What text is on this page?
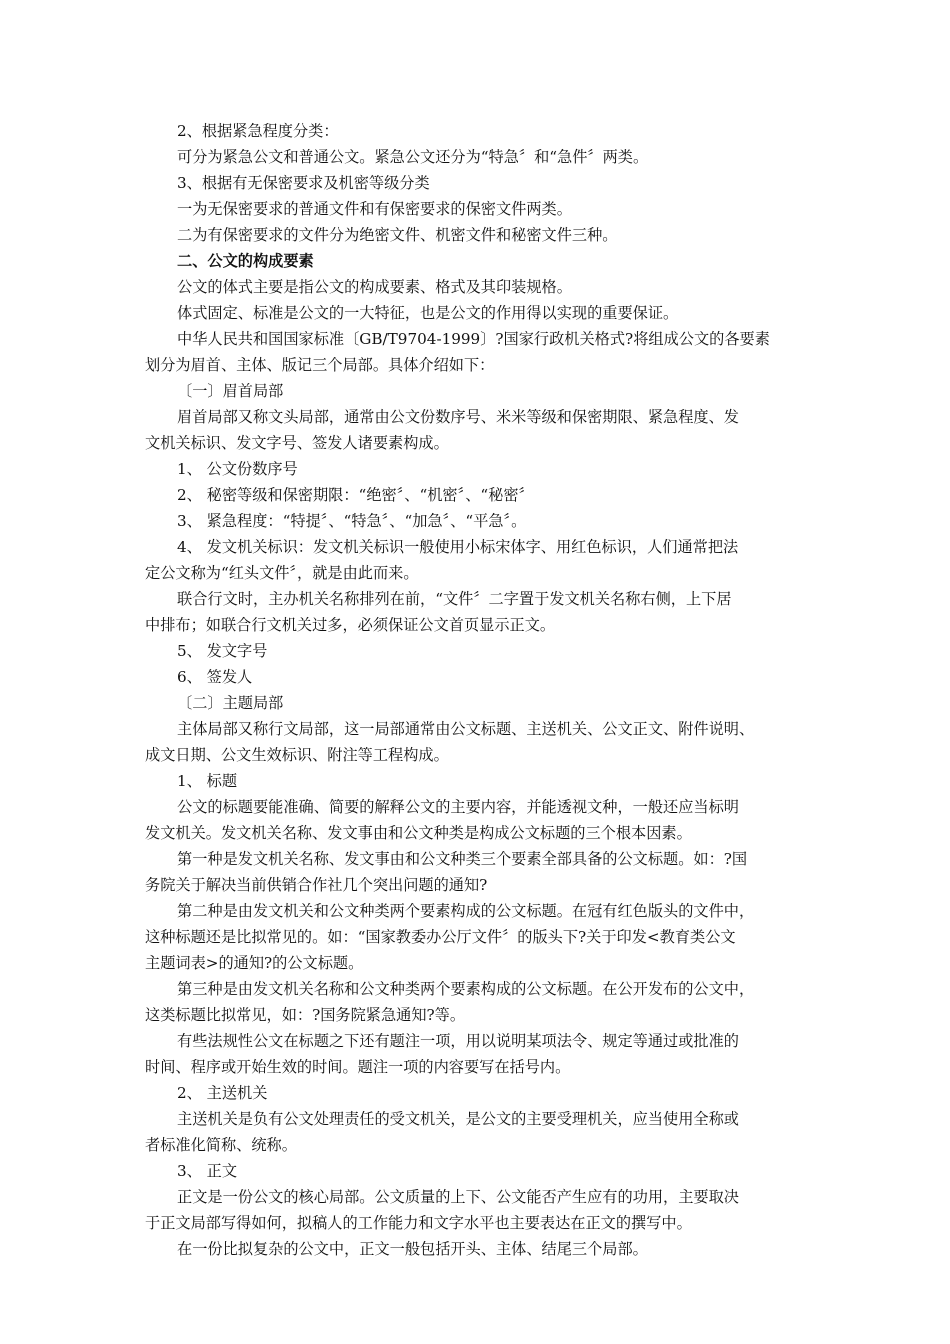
2、根据紧急程度分类：
可分为紧急公文和普通公文。紧急公文还分为“特急〞和“急件〞两类。
3、根据有无保密要求及机密等级分类
一为无保密要求的普通文件和有保密要求的保密文件两类。
二为有保密要求的文件分为绝密文件、机密文件和秘密文件三种。
二、公文的构成要素
公文的体式主要是指公文的构成要素、格式及其印装规格。
体式固定、标准是公文的一大特征，也是公文的作用得以实现的重要保证。
中华人民共和国国家标准〔GB/T9704-1999〕?国家行政机关格式?将组成公文的各要素
划分为眉首、主体、版记三个局部。具体介绍如下：
〔一〕眉首局部
眉首局部又称文头局部，通常由公文份数序号、米米等级和保密期限、紧急程度、发
文机关标识、发文字号、签发人诸要素构成。
1、 公文份数序号
2、 秘密等级和保密期限：“绝密〞、“机密〞、“秘密〞
3、 紧急程度：“特提〞、“特急〞、“加急〞、“平急〞。
4、 发文机关标识：发文机关标识一般使用小标宋体字、用红色标识，人们通常把法
定公文称为“红头文件〞，就是由此而来。
联合行文时，主办机关名称排列在前，“文件〞二字置于发文机关名称右侧，上下居
中排布；如联合行文机关过多，必须保证公文首页显示正文。
5、 发文字号
6、 签发人
〔二〕主题局部
主体局部又称行文局部，这一局部通常由公文标题、主送机关、公文正文、附件说明、
成文日期、公文生效标识、附注等工程构成。
1、 标题
公文的标题要能准确、简要的解释公文的主要内容，并能透视文种，一般还应当标明
发文机关。发文机关名称、发文事由和公文种类是构成公文标题的三个根本因素。
第一种是发文机关名称、发文事由和公文种类三个要素全部具备的公文标题。如：?国
务院关于解决当前供销合作社几个突出问题的通知?
第二种是由发文机关和公文种类两个要素构成的公文标题。在冠有红色版头的文件中，
这种标题还是比拟常见的。如：“国家教委办公厅文件〞的版头下?关于印发<教育类公文
主题词表>的通知?的公文标题。
第三种是由发文机关名称和公文种类两个要素构成的公文标题。在公开发布的公文中，
这类标题比拟常见，如：?国务院紧急通知?等。
有些法规性公文在标题之下还有题注一项，用以说明某项法令、规定等通过或批准的
时间、程序或开始生效的时间。题注一项的内容要写在括号内。
2、 主送机关
主送机关是负有公文处理责任的受文机关，是公文的主要受理机关，应当使用全称或
者标准化简称、统称。
3、 正文
正文是一份公文的核心局部。公文质量的上下、公文能否产生应有的功用，主要取决
于正文局部写得如何，拟稿人的工作能力和文字水平也主要表达在正文的撰写中。
在一份比拟复杂的公文中，正文一般包括开头、主体、结尾三个局部。
